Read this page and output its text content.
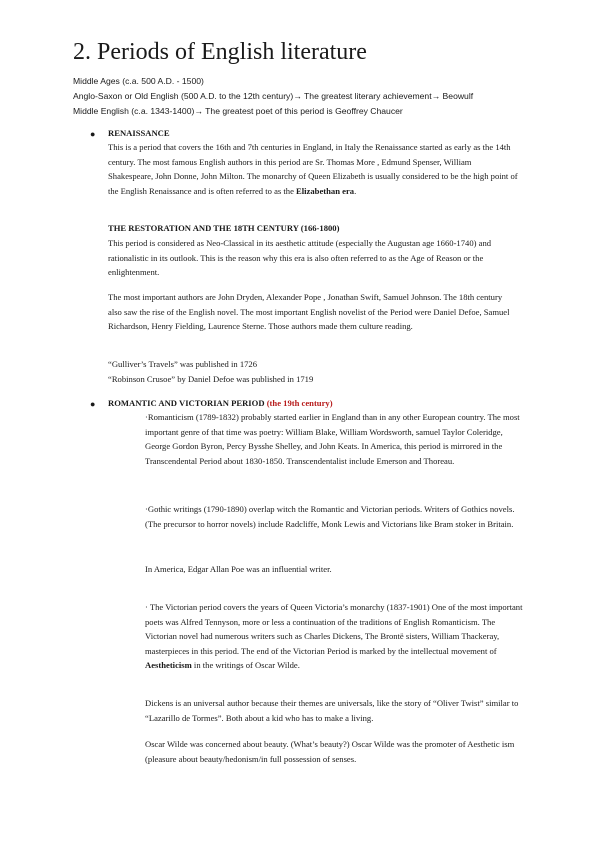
2. Periods of English literature
Middle Ages (c.a. 500 A.D. - 1500)
Anglo-Saxon or Old English (500 A.D. to the 12th century)→ The greatest literary achievement→ Beowulf
Middle English (c.a. 1343-1400)→ The greatest poet of this period is Geoffrey Chaucer
● RENAISSANCE

This is a period that covers the 16th and 7th centuries in England, in Italy the Renaissance started as early as the 14th century. The most famous English authors in this period are Sr. Thomas More , Edmund Spenser, William Shakespeare, John Donne, John Milton. The monarchy of Queen Elizabeth is usually considered to be the high point of the English Renaissance and is often referred to as the Elizabethan era.

THE RESTORATION AND THE 18TH CENTURY (166-1800)

This period is considered as Neo-Classical in its aesthetic attitude (especially the Augustan age 1660-1740) and rationalistic in its outlook. This is the reason why this era is also often referred to as the Age of Reason or the enlightenment.

The most important authors are John Dryden, Alexander Pope , Jonathan Swift, Samuel Johnson. The 18th century also saw the rise of the English novel. The most important English novelist of the Period were Daniel Defoe, Samuel Richardson, Henry Fielding, Laurence Sterne. Those authors made them culture reading.

“Gulliver’s Travels” was published in 1726
“Robinson Crusoe” by Daniel Defoe was published in 1719
● ROMANTIC AND VICTORIAN PERIOD (the 19th century)

·Romanticism (1789-1832) probably started earlier in England than in any other European country. The most important genre of that time was poetry: William Blake, William Wordsworth, samuel Taylor Coleridge, George Gordon Byron, Percy Bysshe Shelley, and John Keats. In America, this period is mirrored in the Transcendental Period about 1830-1850. Transcendentalist include Emerson and Thoreau.

·Gothic writings (1790-1890) overlap witch the Romantic and Victorian periods. Writers of Gothics novels. (The precursor to horror novels) include Radcliffe, Monk Lewis and Victorians like Bram stoker in Britain.

In America, Edgar Allan Poe was an influential writer.

· The Victorian period covers the years of Queen Victoria’s monarchy (1837-1901) One of the most important poets was Alfred Tennyson, more or less a continuation of the traditions of English Romanticism. The Victorian novel had numerous writers such as Charles Dickens, The Brontë sisters, William Thackeray, masterpieces in this period. The end of the Victorian Period is marked by the intellectual movement of Aestheticism in the writings of Oscar Wilde.

Dickens is an universal author because their themes are universals, like the story of “Oliver Twist” similar to “Lazarillo de Tormes”. Both about a kid who has to make a living.

Oscar Wilde was concerned about beauty. (What’s beauty?) Oscar Wilde was the promoter of Aesthetic ism (pleasure about beauty/hedonism/in full possession of senses.
